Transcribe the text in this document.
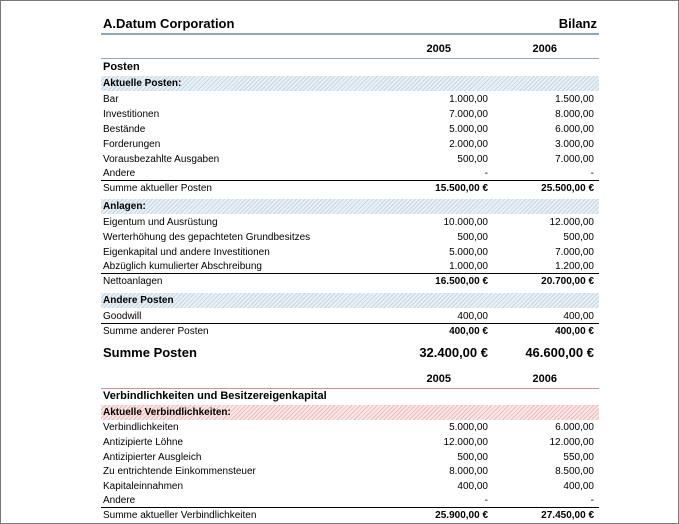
A.Datum Corporation	Bilanz
2005	2006
Posten
Aktuelle Posten:
Bar	1.000,00	1.500,00
Investitionen	7.000,00	8.000,00
Bestände	5.000,00	6.000,00
Forderungen	2.000,00	3.000,00
Vorausbezahlte Ausgaben	500,00	7.000,00
Andere	-	-
Summe aktueller Posten	15.500,00 €	25.500,00 €
Anlagen:
Eigentum und Ausrüstung	10.000,00	12.000,00
Werterhöhung des gepachteten Grundbesitzes	500,00	500,00
Eigenkapital und andere Investitionen	5.000,00	7.000,00
Abzüglich kumulierter Abschreibung	1.000,00	1.200,00
Nettoanlagen	16.500,00 €	20.700,00 €
Andere Posten
Goodwill	400,00	400,00
Summe anderer Posten	400,00 €	400,00 €
Summe Posten	32.400,00 €	46.600,00 €
2005	2006
Verbindlichkeiten und Besitzereigenkapital
Aktuelle Verbindlichkeiten:
Verbindlichkeiten	5.000,00	6.000,00
Antizipierte Löhne	12.000,00	12.000,00
Antizipierter Ausgleich	500,00	550,00
Zu entrichtende Einkommensteuer	8.000,00	8.500,00
Kapitaleinnahmen	400,00	400,00
Andere	-	-
Summe aktueller Verbindlichkeiten	25.900,00 €	27.450,00 €
